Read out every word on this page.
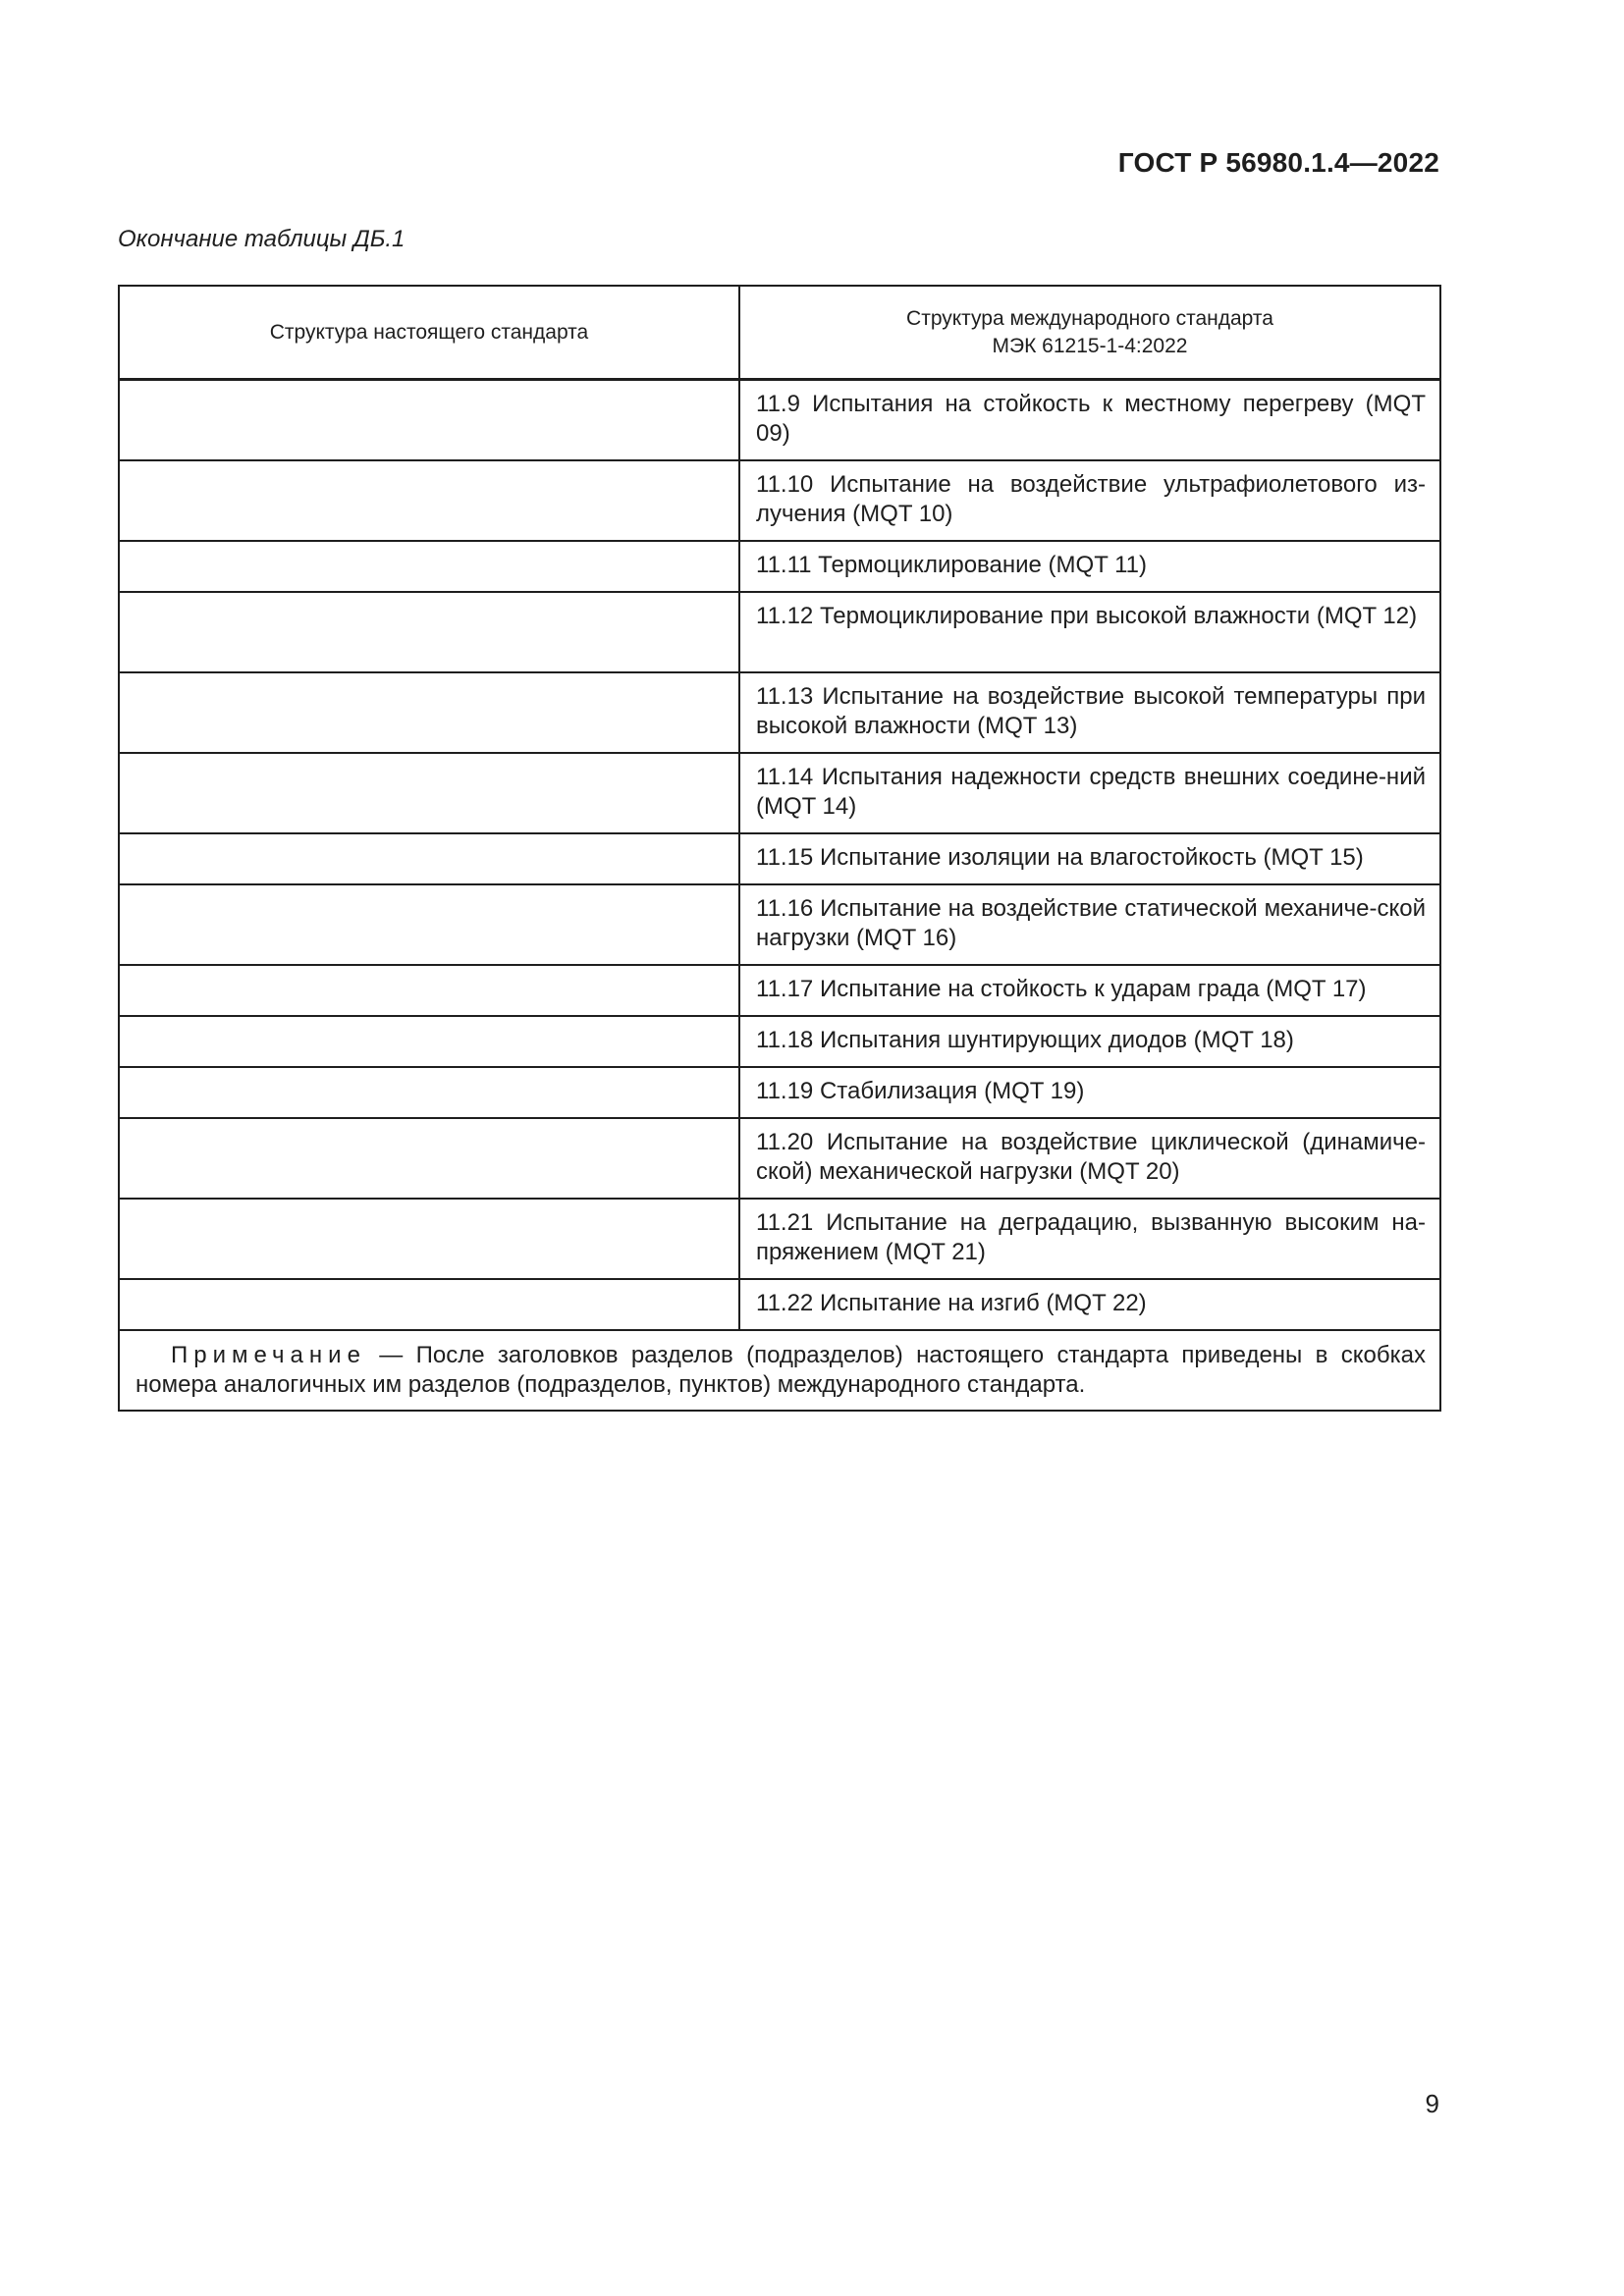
ГОСТ Р 56980.1.4—2022
Окончание таблицы ДБ.1
Структура настоящего стандарта	Структура международного стандарта
МЭК 61215-1-4:2022

	11.9 Испытания на стойкость к местному перегреву (MQT 09)
	11.10 Испытание на воздействие ультрафиолетового из-лучения (MQT 10)
	11.11 Термоциклирование (MQT 11)
	11.12 Термоциклирование при высокой влажности (MQT 12)
	11.13 Испытание на воздействие высокой температуры при высокой влажности (MQT 13)
	11.14 Испытания надежности средств внешних соедине-ний (MQT 14)
	11.15 Испытание изоляции на влагостойкость (MQT 15)
	11.16 Испытание на воздействие статической механиче-ской нагрузки (MQT 16)
	11.17 Испытание на стойкость к ударам града (MQT 17)
	11.18 Испытания шунтирующих диодов (MQT 18)
	11.19 Стабилизация (MQT 19)
	11.20 Испытание на воздействие циклической (динамиче-ской) механической нагрузки (MQT 20)
	11.21 Испытание на деградацию, вызванную высоким на-пряжением (MQT 21)
	11.22 Испытание на изгиб (MQT 22)
Примечание — После заголовков разделов (подразделов) настоящего стандарта приведены в скобках номера аналогичных им разделов (подразделов, пунктов) международного стандарта.	
9
